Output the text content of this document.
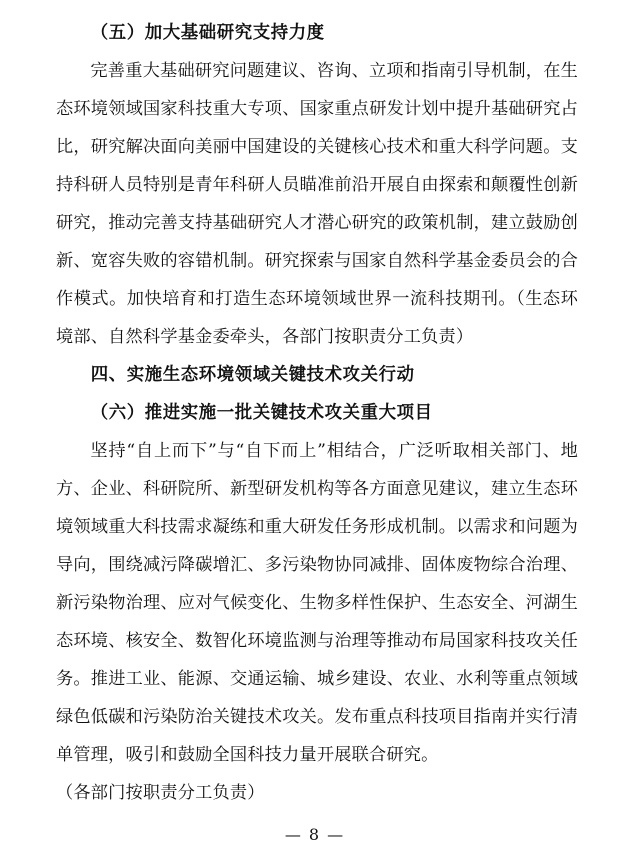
（五）加大基础研究支持力度

完善重大基础研究问题建议、咨询、立项和指南引导机制，在生态环境领域国家科技重大专项、国家重点研发计划中提升基础研究占比，研究解决面向美丽中国建设的关键核心技术和重大科学问题。支持科研人员特别是青年科研人员瞄准前沿开展自由探索和颠覆性创新研究，推动完善支持基础研究人才潜心研究的政策机制，建立鼓励创新、宽容失败的容错机制。研究探索与国家自然科学基金委员会的合作模式。加快培育和打造生态环境领域世界一流科技期刊。（生态环境部、自然科学基金委牵头，各部门按职责分工负责）

四、实施生态环境领域关键技术攻关行动

（六）推进实施一批关键技术攻关重大项目

坚持“自上而下”与“自下而上”相结合，广泛听取相关部门、地方、企业、科研院所、新型研发机构等各方面意见建议，建立生态环境领域重大科技需求凝练和重大研发任务形成机制。以需求和问题为导向，围绕减污降碳增汇、多污染物协同减排、固体废物综合治理、新污染物治理、应对气候变化、生物多样性保护、生态安全、河湖生态环境、核安全、数智化环境监测与治理等推动布局国家科技攻关任务。推进工业、能源、交通运输、城乡建设、农业、水利等重点领域绿色低碳和污染防治关键技术攻关。发布重点科技项目指南并实行清单管理，吸引和鼓励全国科技力量开展联合研究。

（各部门按职责分工负责）

— 8 —
